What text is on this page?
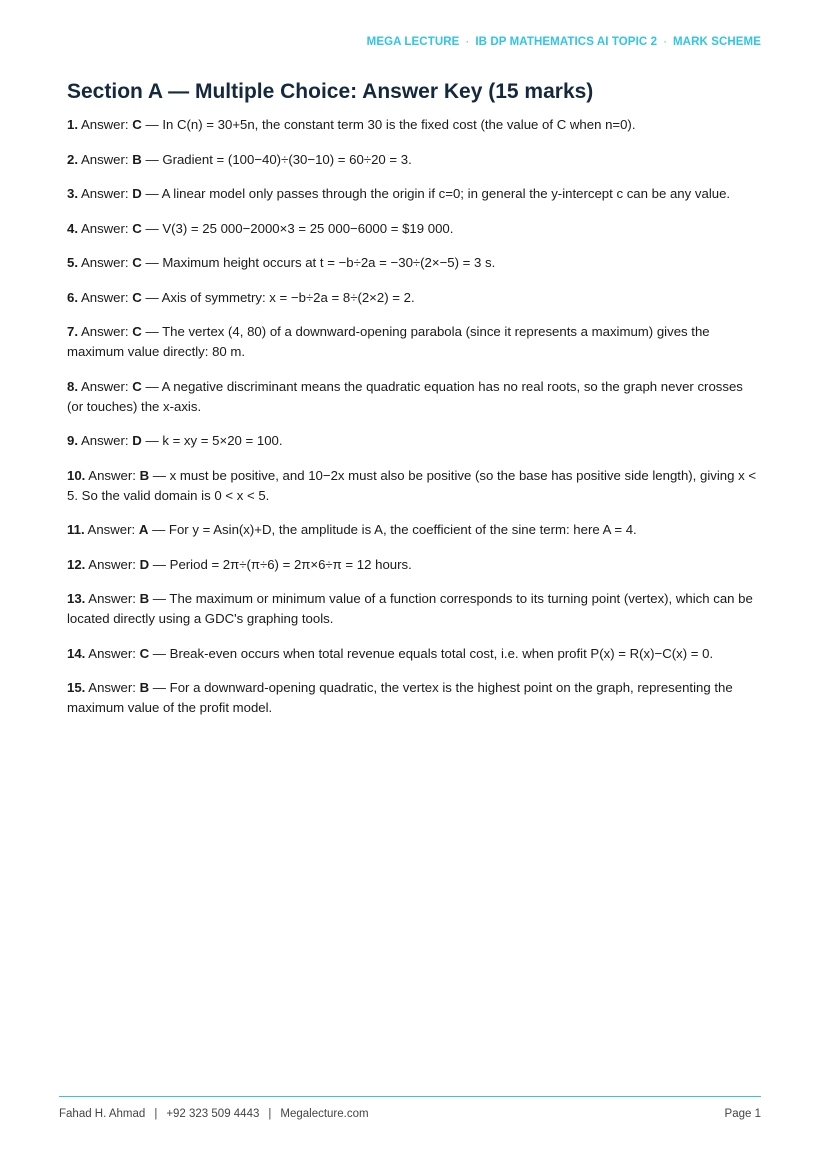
MEGA LECTURE · IB DP MATHEMATICS AI TOPIC 2 · MARK SCHEME
Section A — Multiple Choice: Answer Key (15 marks)

1. Answer: C — In C(n) = 30+5n, the constant term 30 is the fixed cost (the value of C when n=0).

2. Answer: B — Gradient = (100−40)÷(30−10) = 60÷20 = 3.

3. Answer: D — A linear model only passes through the origin if c=0; in general the y-intercept c can be any value.

4. Answer: C — V(3) = 25 000−2000×3 = 25 000−6000 = $19 000.

5. Answer: C — Maximum height occurs at t = −b÷2a = −30÷(2×−5) = 3 s.

6. Answer: C — Axis of symmetry: x = −b÷2a = 8÷(2×2) = 2.

7. Answer: C — The vertex (4, 80) of a downward-opening parabola (since it represents a maximum) gives the maximum value directly: 80 m.

8. Answer: C — A negative discriminant means the quadratic equation has no real roots, so the graph never crosses (or touches) the x-axis.

9. Answer: D — k = xy = 5×20 = 100.

10. Answer: B — x must be positive, and 10−2x must also be positive (so the base has positive side length), giving x < 5. So the valid domain is 0 < x < 5.

11. Answer: A — For y = Asin(x)+D, the amplitude is A, the coefficient of the sine term: here A = 4.

12. Answer: D — Period = 2π÷(π÷6) = 2π×6÷π = 12 hours.

13. Answer: B — The maximum or minimum value of a function corresponds to its turning point (vertex), which can be located directly using a GDC's graphing tools.

14. Answer: C — Break-even occurs when total revenue equals total cost, i.e. when profit P(x) = R(x)−C(x) = 0.

15. Answer: B — For a downward-opening quadratic, the vertex is the highest point on the graph, representing the maximum value of the profit model.

Fahad H. Ahmad | +92 323 509 4443 | Megalecture.com	Page 1
